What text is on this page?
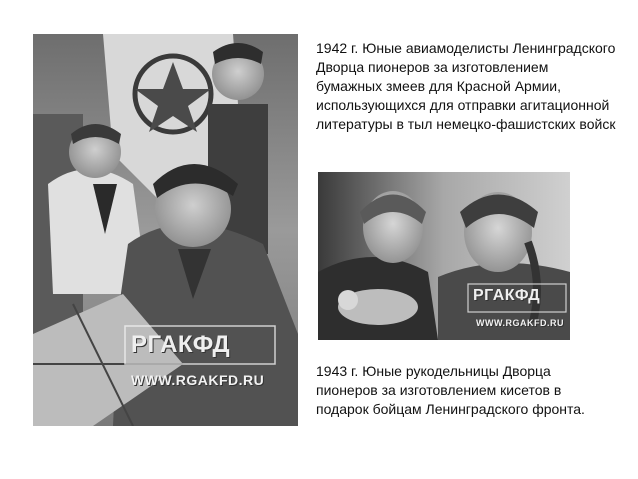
РГАКФД
WWW.RGAKFD.RU
1942 г. Юные авиамоделисты Ленинградского Дворца пионеров за изготовлением бумажных змеев для Красной Армии, использующихся для отправки агитационной литературы в тыл немецко-фашистских войск
РГАКФД
WWW.RGAKFD.RU
1943 г. Юные рукодельницы Дворца пионеров за изготовлением кисетов в подарок бойцам Ленинградского фронта.
